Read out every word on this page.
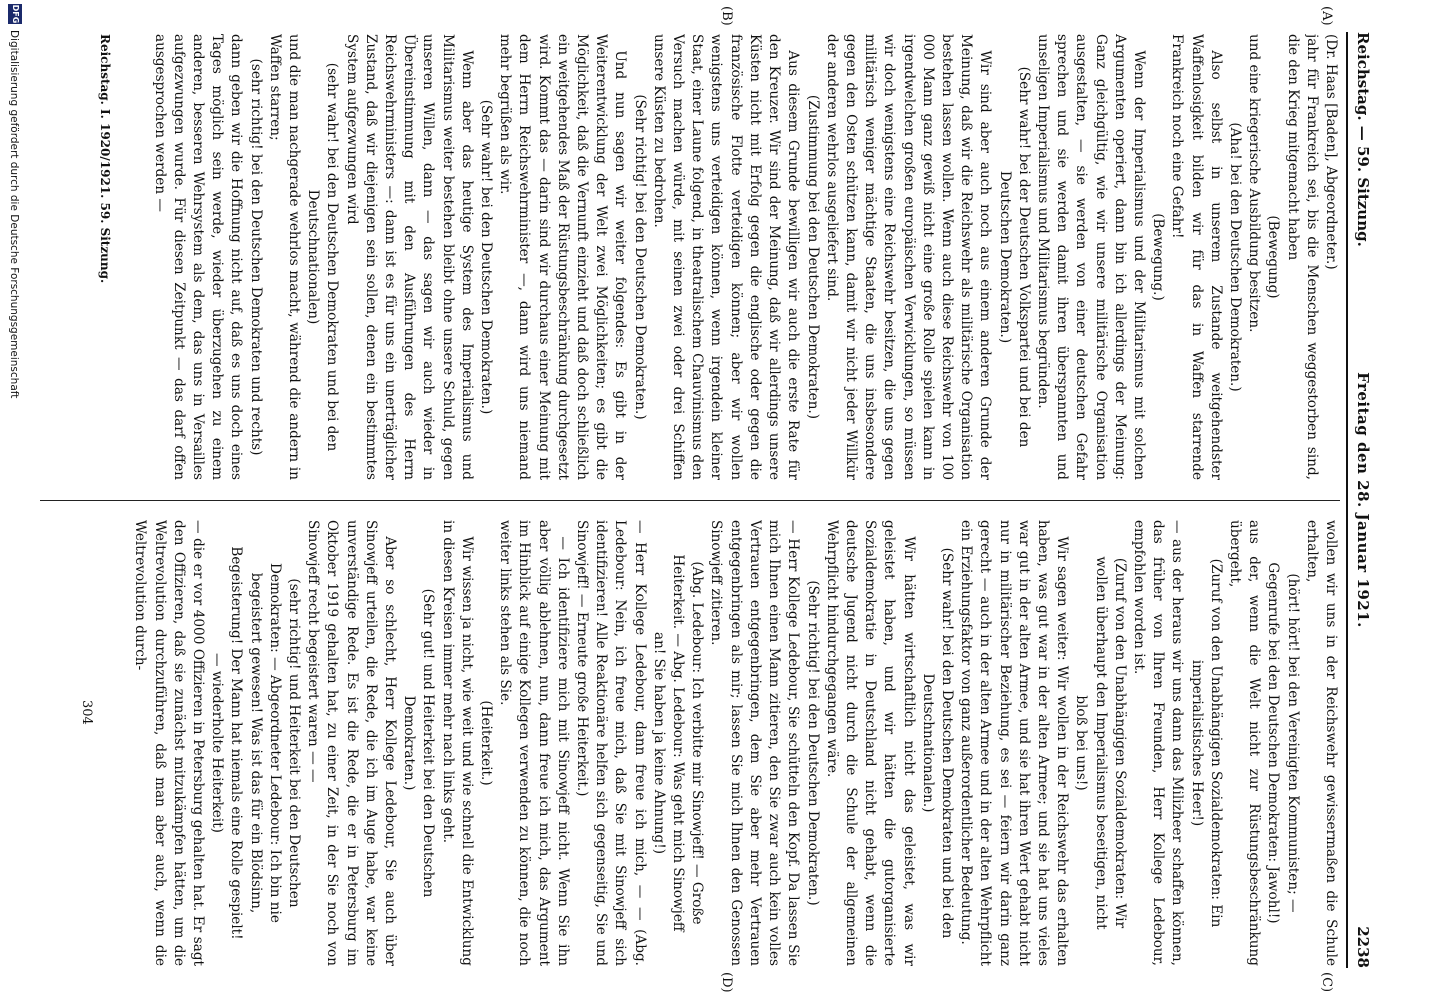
Reichstag. — 59. Sitzung.
Freitag den 28. Januar 1921.
2238
(A)
(B)
(C)
(D)

(Dr. Haas [Baden], Abgeordneter.)

jahr für Frankreich sei, bis die Menschen weggestorben sind, die den Krieg mitgemacht haben

(Bewegung)

und eine kriegerische Ausbildung besitzen.

(Aha! bei den Deutschen Demokraten.)

Also selbst in unserem Zustande weitgehendster Waffenlosigkeit bilden wir für das in Waffen starrende Frankreich noch eine Gefahr!

(Bewegung.)

Wenn der Imperialismus und der Militarismus mit solchen Argumenten operiert, dann bin ich allerdings der Meinung: Ganz gleichgültig, wie wir unsere militärische Organisation ausgestalten, — sie werden von einer deutschen Gefahr sprechen und sie werden damit ihren überspannten und unseligen Imperialismus und Militarismus begründen.

(Sehr wahr! bei der Deutschen Volkspartei und bei den Deutschen Demokraten.)

Wir sind aber auch noch aus einem anderen Grunde der Meinung, daß wir die Reichswehr als militärische Organisation bestehen lassen wollen. Wenn auch diese Reichswehr von 100 000 Mann ganz gewiß nicht eine große Rolle spielen kann in irgendwelchen großen europäischen Verwicklungen, so müssen wir doch wenigstens eine Reichswehr besitzen, die uns gegen militärisch weniger mächtige Staaten, die uns insbesondere gegen den Osten schützen kann, damit wir nicht jeder Willkür der anderen wehrlos ausgeliefert sind.

(Zustimmung bei den Deutschen Demokraten.)

Aus diesem Grunde bewilligen wir auch die erste Rate für den Kreuzer. Wir sind der Meinung, daß wir allerdings unsere Küsten nicht mit Erfolg gegen die englische oder gegen die französische Flotte verteidigen können; aber wir wollen wenigstens uns verteidigen können, wenn irgendein kleiner Staat, einer Laune folgend, in theatralischem Chauvinismus den Versuch machen würde, mit seinen zwei oder drei Schiffen unsere Küsten zu bedrohen.

(Sehr richtig! bei den Deutschen Demokraten.)

Und nun sagen wir weiter folgendes: Es gibt in der Weiterentwicklung der Welt zwei Möglichkeiten; es gibt die Möglichkeit, daß die Vernunft einzieht und daß doch schließlich ein weitgehendes Maß der Rüstungsbeschränkung durchgesetzt wird. Kommt das — darin sind wir durchaus einer Meinung mit dem Herrn Reichswehrminister —, dann wird uns niemand mehr begrüßen als wir.

(Sehr wahr! bei den Deutschen Demokraten.)

Wenn aber das heutige System des Imperialismus und Militarismus weiter bestehen bleibt ohne unsere Schuld, gegen unseren Willen, dann — das sagen wir auch wieder in Übereinstimmung mit den Ausführungen des Herrn Reichswehrministers —: dann ist es für uns ein unerträglicher Zustand, daß wir diejenigen sein sollen, denen ein bestimmtes System aufgezwungen wird

(sehr wahr! bei den Deutschen Demokraten und bei den Deutschnationalen)

und die man nachgerade wehrlos macht, während die andern in Waffen starren;

(sehr richtig! bei den Deutschen Demokraten und rechts)

dann geben wir die Hoffnung nicht auf, daß es uns doch eines Tages möglich sein werde, wieder überzugehen zu einem anderen, besseren Wehrsystem als dem, das uns in Versailles aufgezwungen wurde. Für diesen Zeitpunkt — das darf offen ausgesprochen werden —

wollen wir uns in der Reichswehr gewissermaßen die Schule erhalten,

(hört! hört! bei den Vereinigten Kommunisten; — Gegenrufe bei den Deutschen Demokraten: Jawohl!)

aus der, wenn die Welt nicht zur Rüstungsbeschränkung übergeht,

(Zuruf von den Unabhängigen Sozialdemokraten: Ein imperialistisches Heer!)

— aus der heraus wir uns dann das Milizheer schaffen können, das früher von Ihren Freunden, Herr Kollege Ledebour, empfohlen worden ist.

(Zuruf von den Unabhängigen Sozialdemokraten: Wir wollen überhaupt den Imperialismus beseitigen, nicht bloß bei uns!)

Wir sagen weiter: Wir wollen in der Reichswehr das erhalten haben, was gut war in der alten Armee; und sie hat uns vieles war gut in der alten Armee, und sie hat ihren Wert gehabt nicht nur in militärischer Beziehung, es sei — feiern wir darin ganz gerecht — auch in der alten Armee und in der alten Wehrpflicht ein Erziehungsfaktor von ganz außerordentlicher Bedeutung.

(Sehr wahr! bei den Deutschen Demokraten und bei den Deutschnationalen.)

Wir hätten wirtschaftlich nicht das geleistet, was wir geleistet haben, und wir hätten die gutorganisierte Sozialdemokratie in Deutschland nicht gehabt, wenn die deutsche Jugend nicht durch die Schule der allgemeinen Wehrpflicht hindurchgegangen wäre.

(Sehr richtig! bei den Deutschen Demokraten.)

— Herr Kollege Ledebour, Sie schütteln den Kopf. Da lassen Sie mich Ihnen einen Mann zitieren, den Sie zwar auch kein volles Vertrauen entgegenbringen, dem Sie aber mehr Vertrauen entgegenbringen als mir; lassen Sie mich Ihnen den Genossen Sinowjeff zitieren.

(Abg. Ledebour: Ich verbitte mir Sinowjeff! — Große Heiterkeit. — Abg. Ledebour: Was geht mich Sinowjeff an! Sie haben ja keine Ahnung!)

— Herr Kollege Ledebour, dann freue ich mich, — — (Abg. Ledebour: Nein, ich freue mich, daß Sie mit Sinowjeff sich identifizieren! Alle Reaktionäre helfen sich gegenseitig, Sie und Sinowjeff! — Erneute große Heiterkeit.)

— Ich identifiziere mich mit Sinowjeff nicht. Wenn Sie ihn aber völlig ablehnen, nun, dann freue ich mich, das Argument im Hinblick auf einige Kollegen verwenden zu können, die noch weiter links stehen als Sie.

(Heiterkeit.)

Wir wissen ja nicht, wie weit und wie schnell die Entwicklung in diesen Kreisen immer mehr nach links geht.

(Sehr gut! und Heiterkeit bei den Deutschen Demokraten.)

Aber so schlecht, Herr Kollege Ledebour, Sie auch über Sinowjeff urteilen, die Rede, die ich im Auge habe, war keine unverständige Rede. Es ist die Rede, die er in Petersburg im Oktober 1919 gehalten hat, zu einer Zeit, in der Sie noch von Sinowjeff recht begeistert waren — —

(sehr richtig! und Heiterkeit bei den Deutschen Demokraten: — Abgeordneter Ledebour: Ich bin nie begeistert gewesen! Was ist das für ein Blödsinn, Begeisterung! Der Mann hat niemals eine Rolle gespielt! — wiederholte Heiterkeit)

— die er vor 4000 Offizieren in Petersburg gehalten hat. Er sagt den Offizieren, daß sie zunächst mitzukämpfen hätten, um die Weltrevolution durchzuführen, daß man aber auch, wenn die Weltrevolution durch-

Reichstag. I. 1920/1921. 59. Sitzung.
304
DFG
Digitalisierung gefördert durch die Deutsche Forschungsgemeinschaft
